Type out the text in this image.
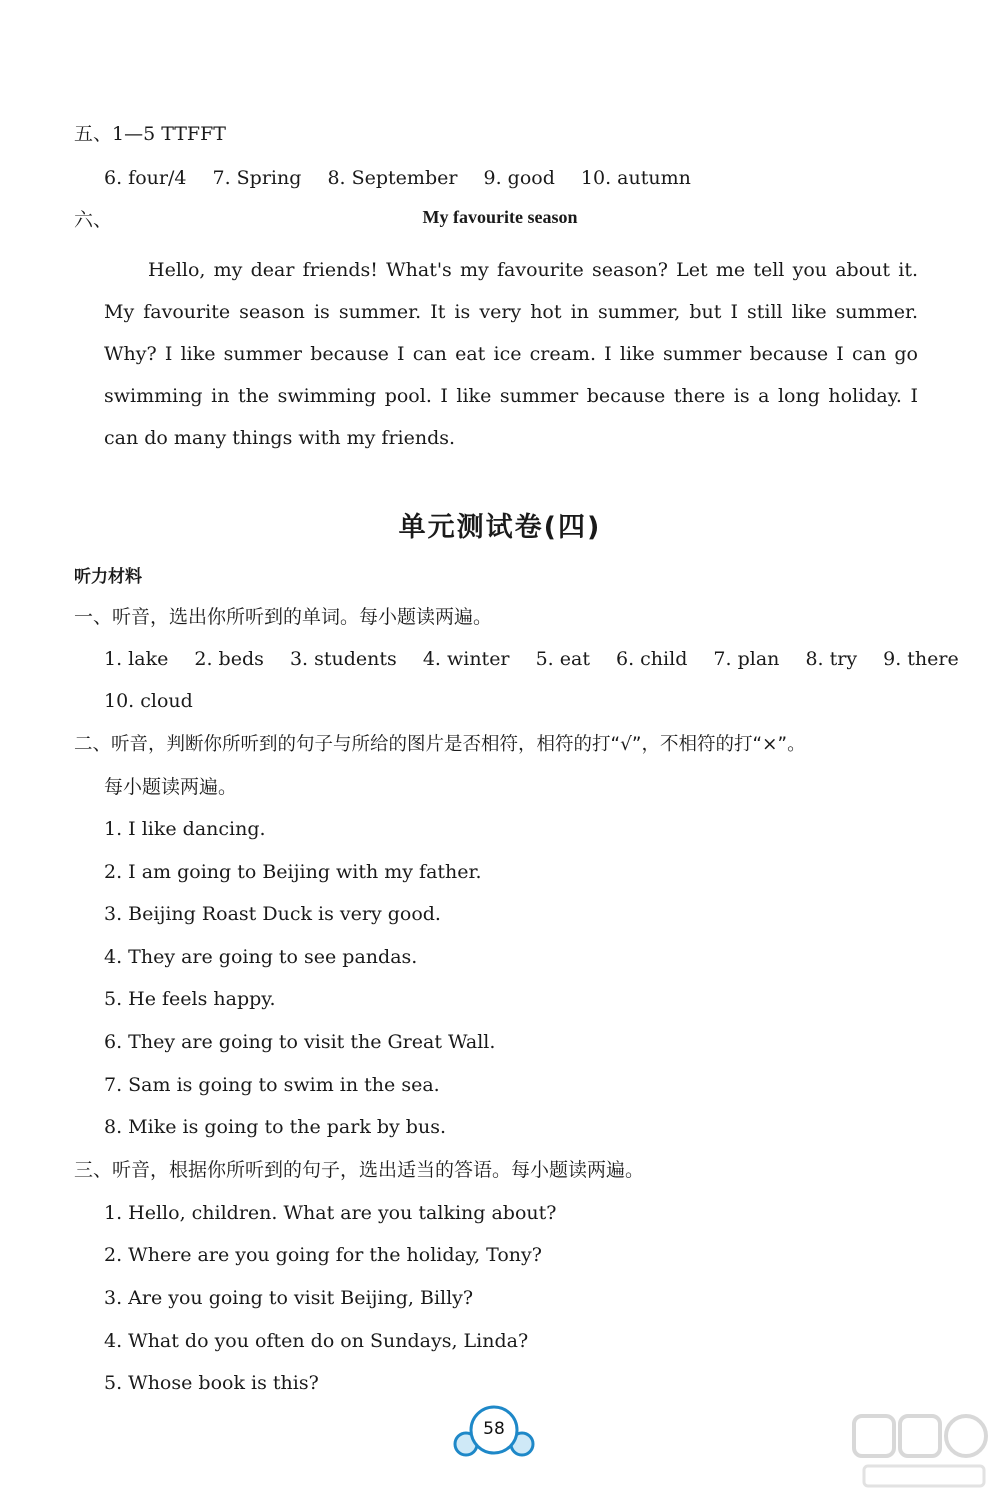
五、1—5 TTFFT
6. four/4 7. Spring 8. September 9. good 10. autumn
六、	My favourite season
Hello, my dear friends! What's my favourite season? Let me tell you about it. My favourite season is summer. It is very hot in summer, but I still like summer. Why? I like summer because I can eat ice cream. I like summer because I can go swimming in the swimming pool. I like summer because there is a long holiday. I can do many things with my friends.
单元测试卷(四)
听力材料
一、听音，选出你所听到的单词。每小题读两遍。
1. lake 2. beds 3. students 4. winter 5. eat 6. child 7. plan 8. try 9. there
10. cloud
二、听音，判断你所听到的句子与所给的图片是否相符，相符的打“√”，不相符的打“×”。
每小题读两遍。
1. I like dancing.
2. I am going to Beijing with my father.
3. Beijing Roast Duck is very good.
4. They are going to see pandas.
5. He feels happy.
6. They are going to visit the Great Wall.
7. Sam is going to swim in the sea.
8. Mike is going to the park by bus.
三、听音，根据你所听到的句子，选出适当的答语。每小题读两遍。
1. Hello, children. What are you talking about?
2. Where are you going for the holiday, Tony?
3. Are you going to visit Beijing, Billy?
4. What do you often do on Sundays, Linda?
5. Whose book is this?
58
